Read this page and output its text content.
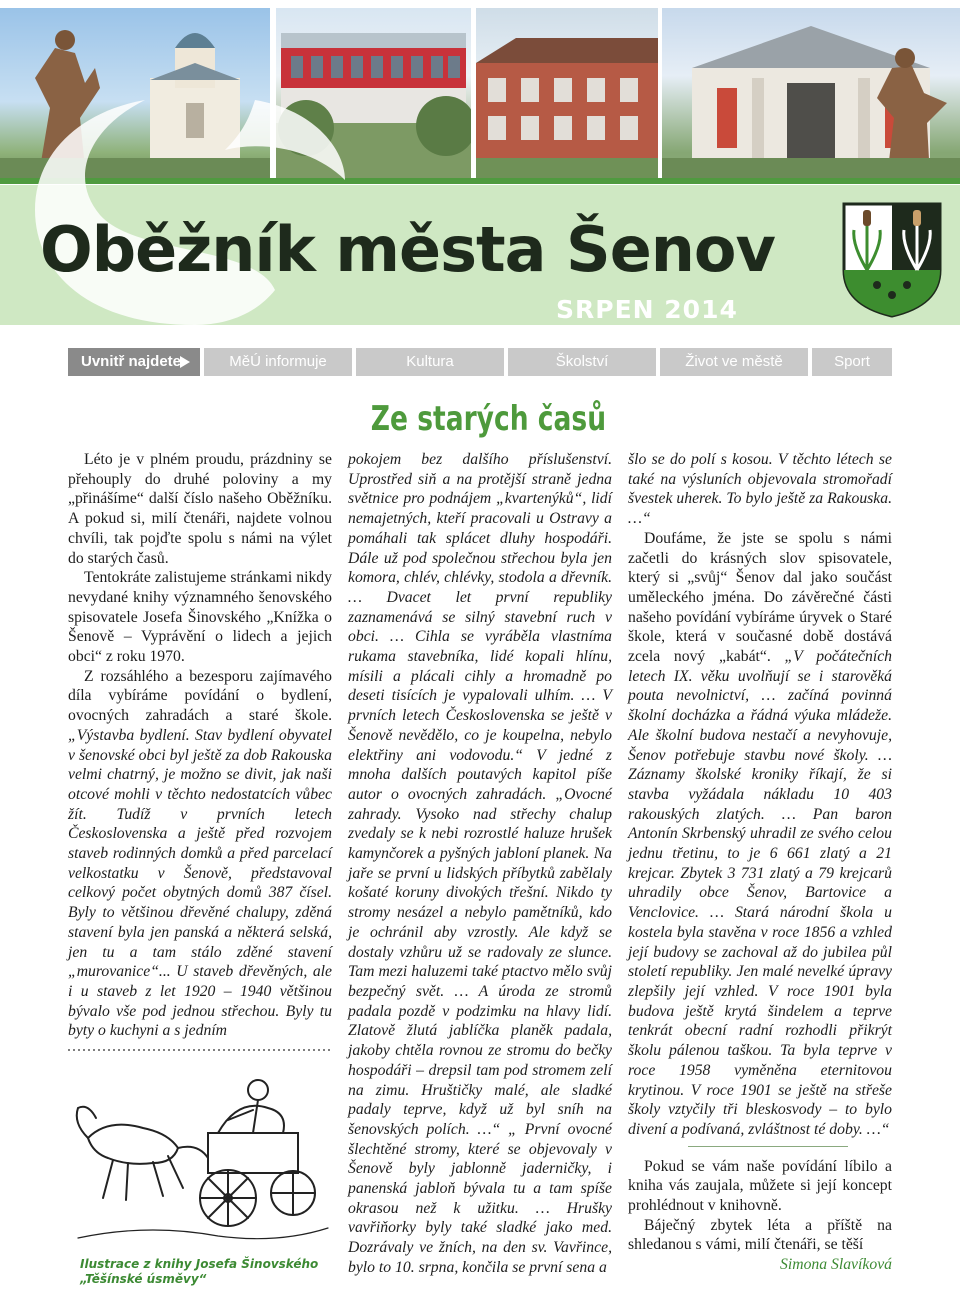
Oběžník města Šenov
SRPEN 2014
Uvnitř najdete	MěÚ informuje	Kultura	Školství	Život ve městě	Sport
Ze starých časů

Léto je v plném proudu, prázdniny se přehouply do druhé poloviny a my „přinášíme“ další číslo našeho Oběžníku. A pokud si, milí čtenáři, najdete volnou chvíli, tak pojďte spolu s námi na výlet do starých časů.

Tentokráte zalistujeme stránkami nikdy nevydané knihy významného šenovského spisovatele Josefa Šinovského „Knížka o Šenově – Vyprávění o lidech a jejich obci“ z roku 1970.

Z rozsáhlého a bezesporu zajímavého díla vybíráme povídání o bydlení, ovocných zahradách a staré škole. „Výstavba bydlení. Stav bydlení obyvatel v šenovské obci byl ještě za dob Rakouska velmi chatrný, je možno se divit, jak naši otcové mohli v těchto nedostatcích vůbec žít. Tudíž v prvních letech Československa a ještě před rozvojem staveb rodinných domků a před parcelací velkostatku v Šenově, představoval celkový počet obytných domů 387 čísel. Byly to většinou dřevěné chalupy, zděná stavení byla jen panská a některá selská, jen tu a tam stálo zděné stavení „murovanice“... U staveb dřevěných, ale i u staveb z let 1920 – 1940 většinou bývalo vše pod jednou střechou. Byly tu byty o kuchyni a s jedním

Ilustrace z knihy Josefa Šinovského „Těšínské úsměvy“

pokojem bez dalšího příslušenství. Uprostřed siň a na protější straně jedna světnice pro podnájem „kvartenýků“, lidí nemajetných, kteří pracovali u Ostravy a pomáhali tak splácet dluhy hospodáři. Dále už pod společnou střechou byla jen komora, chlév, chlévky, stodola a dřevník. … Dvacet let první republiky zaznamenává se silný stavební ruch v obci. … Cihla se vyráběla vlastníma rukama stavebníka, lidé kopali hlínu, mísili a plácali cihly a hromadně po deseti tisících je vypalovali ulhím. … V prvních letech Československa se ještě v Šenově nevědělo, co je koupelna, nebylo elektřiny ani vodovodu.“ V jedné z mnoha dalších poutavých kapitol píše autor o ovocných zahradách. „Ovocné zahrady. Vysoko nad střechy chalup zvedaly se k nebi rozrostlé haluze hrušek kamynčorek a pyšných jabloní planek. Na jaře se první u lidských příbytků zabělaly košaté koruny divokých třešní. Nikdo ty stromy nesázel a nebylo pamětníků, kdo je ochránil aby vzrostly. Ale když se dostaly vzhůru už se radovaly ze slunce. Tam mezi haluzemi také ptactvo mělo svůj bezpečný svět. … A úroda ze stromů padala pozdě v podzimku na hlavy lidí. Zlatově žlutá jablíčka planěk padala, jakoby chtěla rovnou ze stromu do bečky hospodáři – drepsil tam pod stromem zelí na zimu. Hruštičky malé, ale sladké padaly teprve, když už byl sníh na šenovských polích. …“ „ První ovocné šlechtěné stromy, které se objevovaly v Šenově byly jablonně jaderničky, i panenská jabloň bývala tu a tam spíše okrasou než k užitku. … Hrušky vavřiňorky byly také sladké jako med. Dozrávaly ve žních, na den sv. Vavřince, bylo to 10. srpna, končila se první sena a

šlo se do polí s kosou. V těchto létech se také na výsluních objevovala stromořadí švestek uherek. To bylo ještě za Rakouska. …“

Doufáme, že jste se spolu s námi začetli do krásných slov spisovatele, který si „svůj“ Šenov dal jako součást uměleckého jména. Do závěrečné části našeho povídání vybíráme úryvek o Staré škole, která v současné době dostává zcela nový „kabát“. „V počátečních letech IX. věku uvolňují se i starověká pouta nevolnictví, … začíná povinná školní docházka a řádná výuka mládeže. Ale školní budova nestačí a nevyhovuje, Šenov potřebuje stavbu nové školy. … Záznamy školské kroniky říkají, že si stavba vyžádala nákladu 10 403 rakouských zlatých. … Pan baron Antonín Skrbenský uhradil ze svého celou jednu třetinu, to je 6 661 zlatý a 21 krejcar. Zbytek 3 731 zlatý a 79 krejcarů uhradily obce Šenov, Bartovice a Venclovice. … Stará národní škola u kostela byla stavěna v roce 1856 a vzhled její budovy se zachoval až do jubilea půl století republiky. Jen malé nevelké úpravy zlepšily její vzhled. V roce 1901 byla budova ještě krytá šindelem a teprve tenkrát obecní radní rozhodli přikrýt školu pálenou taškou. Ta byla teprve v roce 1958 vyměněna eternitovou krytinou. V roce 1901 se ještě na střeše školy vztyčily tři bleskosvody – to bylo divení a podívaná, zvláštnost té doby. …“

Pokud se vám naše povídání líbilo a kniha vás zaujala, můžete si její koncept prohlédnout v knihovně.

Báječný zbytek léta a příště na shledanou s vámi, milí čtenáři, se těší

Simona Slavíková
